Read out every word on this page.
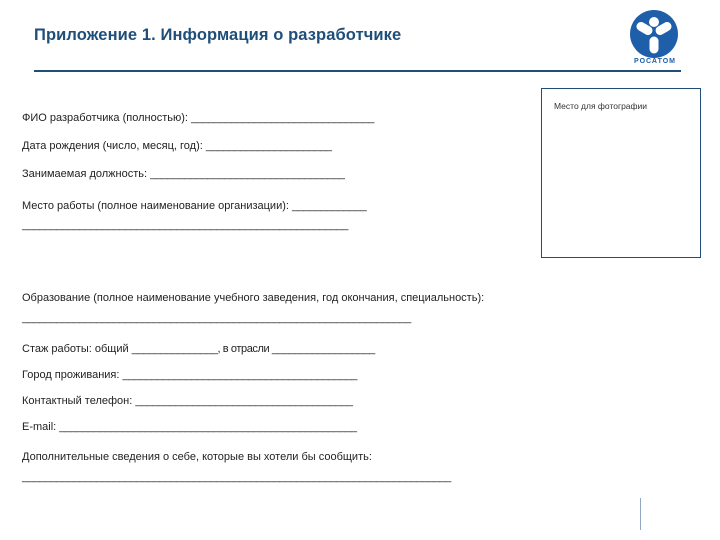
Приложение 1. Информация о разработчике
РОСАТОМ
Место для фотографии
ФИО разработчика (полностью): ________________________________
Дата рождения (число, месяц, год): ______________________
Занимаемая должность: __________________________________
Место работы (полное наименование организации): _____________
_________________________________________________________
Образование (полное наименование учебного заведения, год окончания, специальность):
____________________________________________________________________
Стаж работы: общий _______________, в отрасли __________________
Город проживания: _________________________________________
Контактный телефон: ______________________________________
E-mail: ____________________________________________________
Дополнительные сведения о себе, которые вы хотели бы сообщить:
___________________________________________________________________________
